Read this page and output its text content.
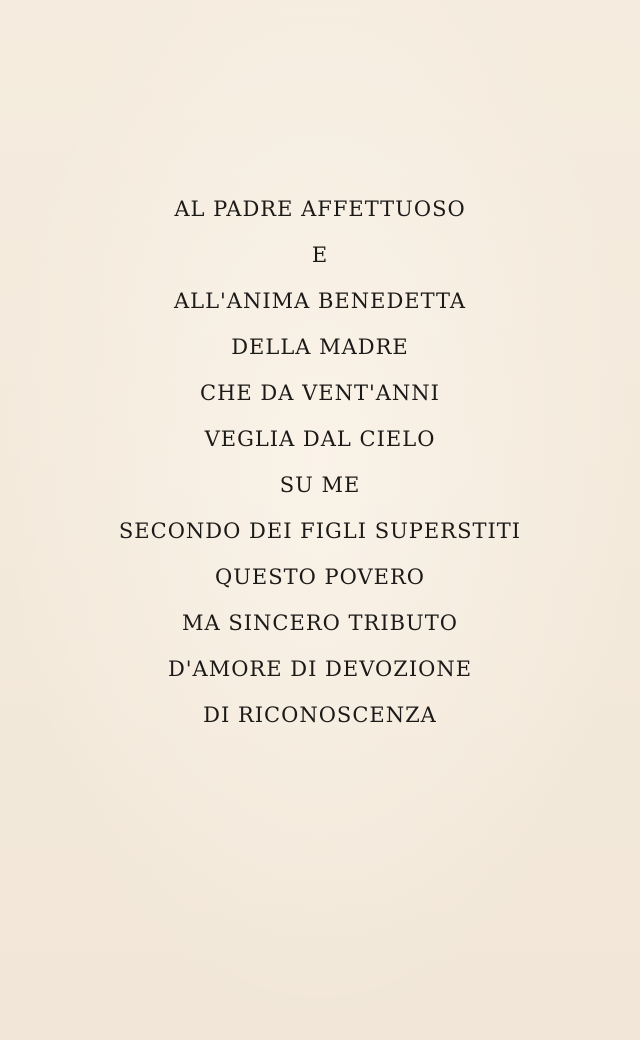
AL PADRE AFFETTUOSO
E
ALL'ANIMA BENEDETTA
DELLA MADRE
CHE DA VENT'ANNI
VEGLIA DAL CIELO
SU ME
SECONDO DEI FIGLI SUPERSTITI
QUESTO POVERO
MA SINCERO TRIBUTO
D'AMORE DI DEVOZIONE
DI RICONOSCENZA
